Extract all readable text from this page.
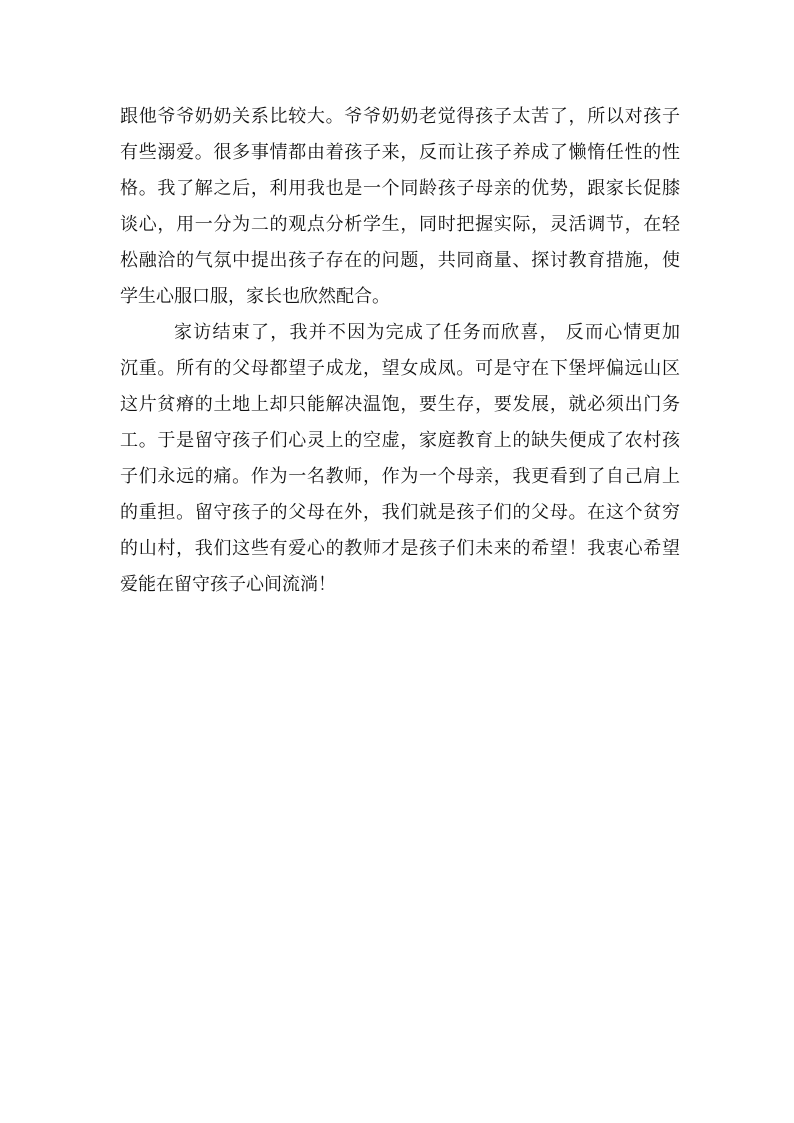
跟他爷爷奶奶关系比较大。爷爷奶奶老觉得孩子太苦了，所以对孩子
有些溺爱。很多事情都由着孩子来，反而让孩子养成了懒惰任性的性
格。我了解之后，利用我也是一个同龄孩子母亲的优势，跟家长促膝
谈心，用一分为二的观点分析学生，同时把握实际，灵活调节，在轻
松融洽的气氛中提出孩子存在的问题，共同商量、探讨教育措施，使
学生心服口服，家长也欣然配合。
家访结束了，我并不因为完成了任务而欣喜， 反而心情更加
沉重。所有的父母都望子成龙，望女成凤。可是守在下堡坪偏远山区
这片贫瘠的土地上却只能解决温饱，要生存，要发展，就必须出门务
工。于是留守孩子们心灵上的空虚，家庭教育上的缺失便成了农村孩
子们永远的痛。作为一名教师，作为一个母亲，我更看到了自己肩上
的重担。留守孩子的父母在外，我们就是孩子们的父母。在这个贫穷
的山村，我们这些有爱心的教师才是孩子们未来的希望！我衷心希望
爱能在留守孩子心间流淌！
